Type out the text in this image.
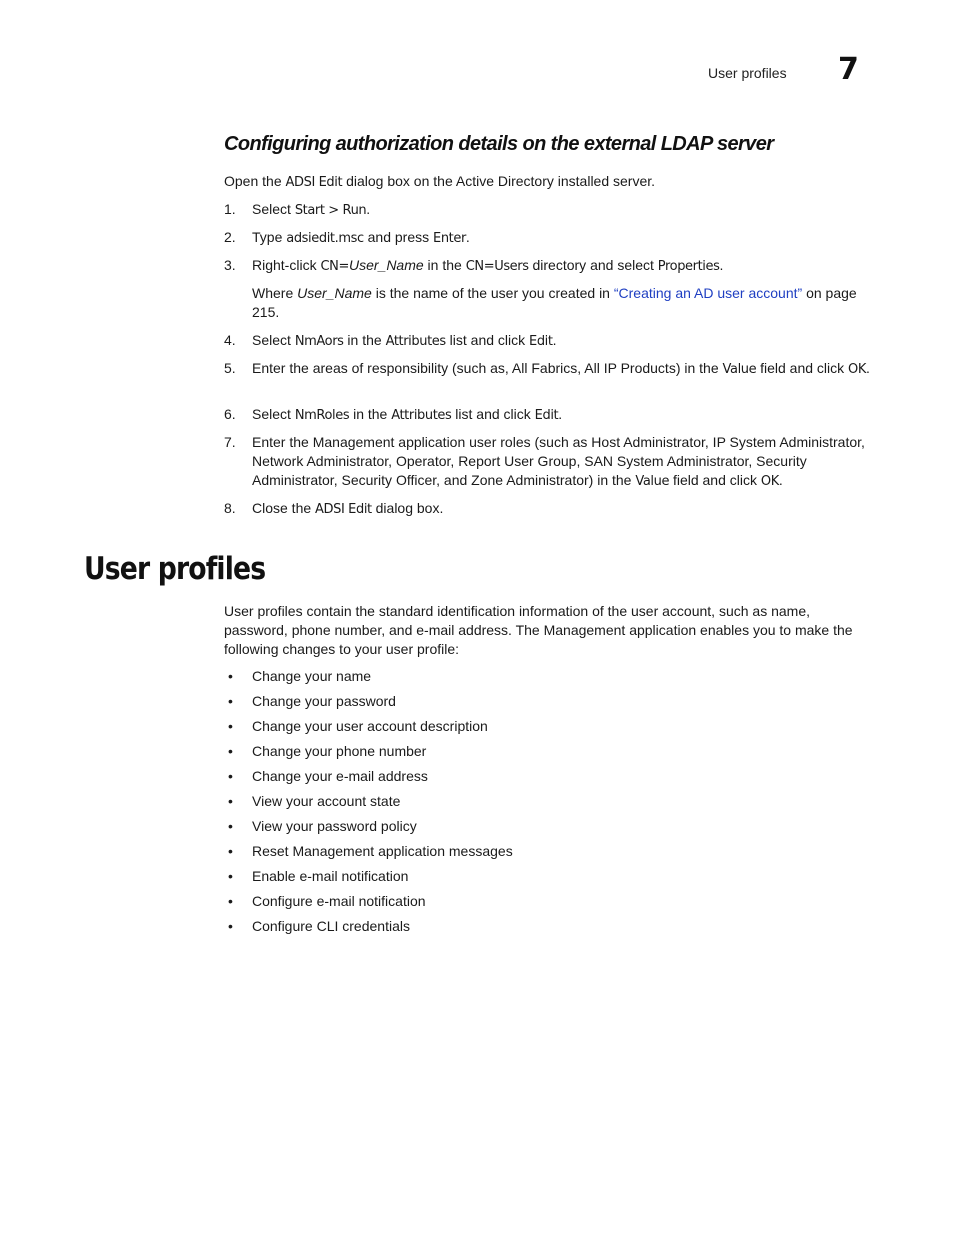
User profiles 7
Configuring authorization details on the external LDAP server
Open the ADSI Edit dialog box on the Active Directory installed server.
1.	Select Start > Run.
2.	Type adsiedit.msc and press Enter.
3.	Right-click CN=User_Name in the CN=Users directory and select Properties.
Where User_Name is the name of the user you created in “Creating an AD user account” on page 215.
4.	Select NmAors in the Attributes list and click Edit.
5.	Enter the areas of responsibility (such as, All Fabrics, All IP Products) in the Value field and click OK.
6.	Select NmRoles in the Attributes list and click Edit.
7.	Enter the Management application user roles (such as Host Administrator, IP System Administrator, Network Administrator, Operator, Report User Group, SAN System Administrator, Security Administrator, Security Officer, and Zone Administrator) in the Value field and click OK.
8.	Close the ADSI Edit dialog box.
User profiles
User profiles contain the standard identification information of the user account, such as name, password, phone number, and e-mail address. The Management application enables you to make the following changes to your user profile:
• Change your name
• Change your password
• Change your user account description
• Change your phone number
• Change your e-mail address
• View your account state
• View your password policy
• Reset Management application messages
• Enable e-mail notification
• Configure e-mail notification
• Configure CLI credentials
